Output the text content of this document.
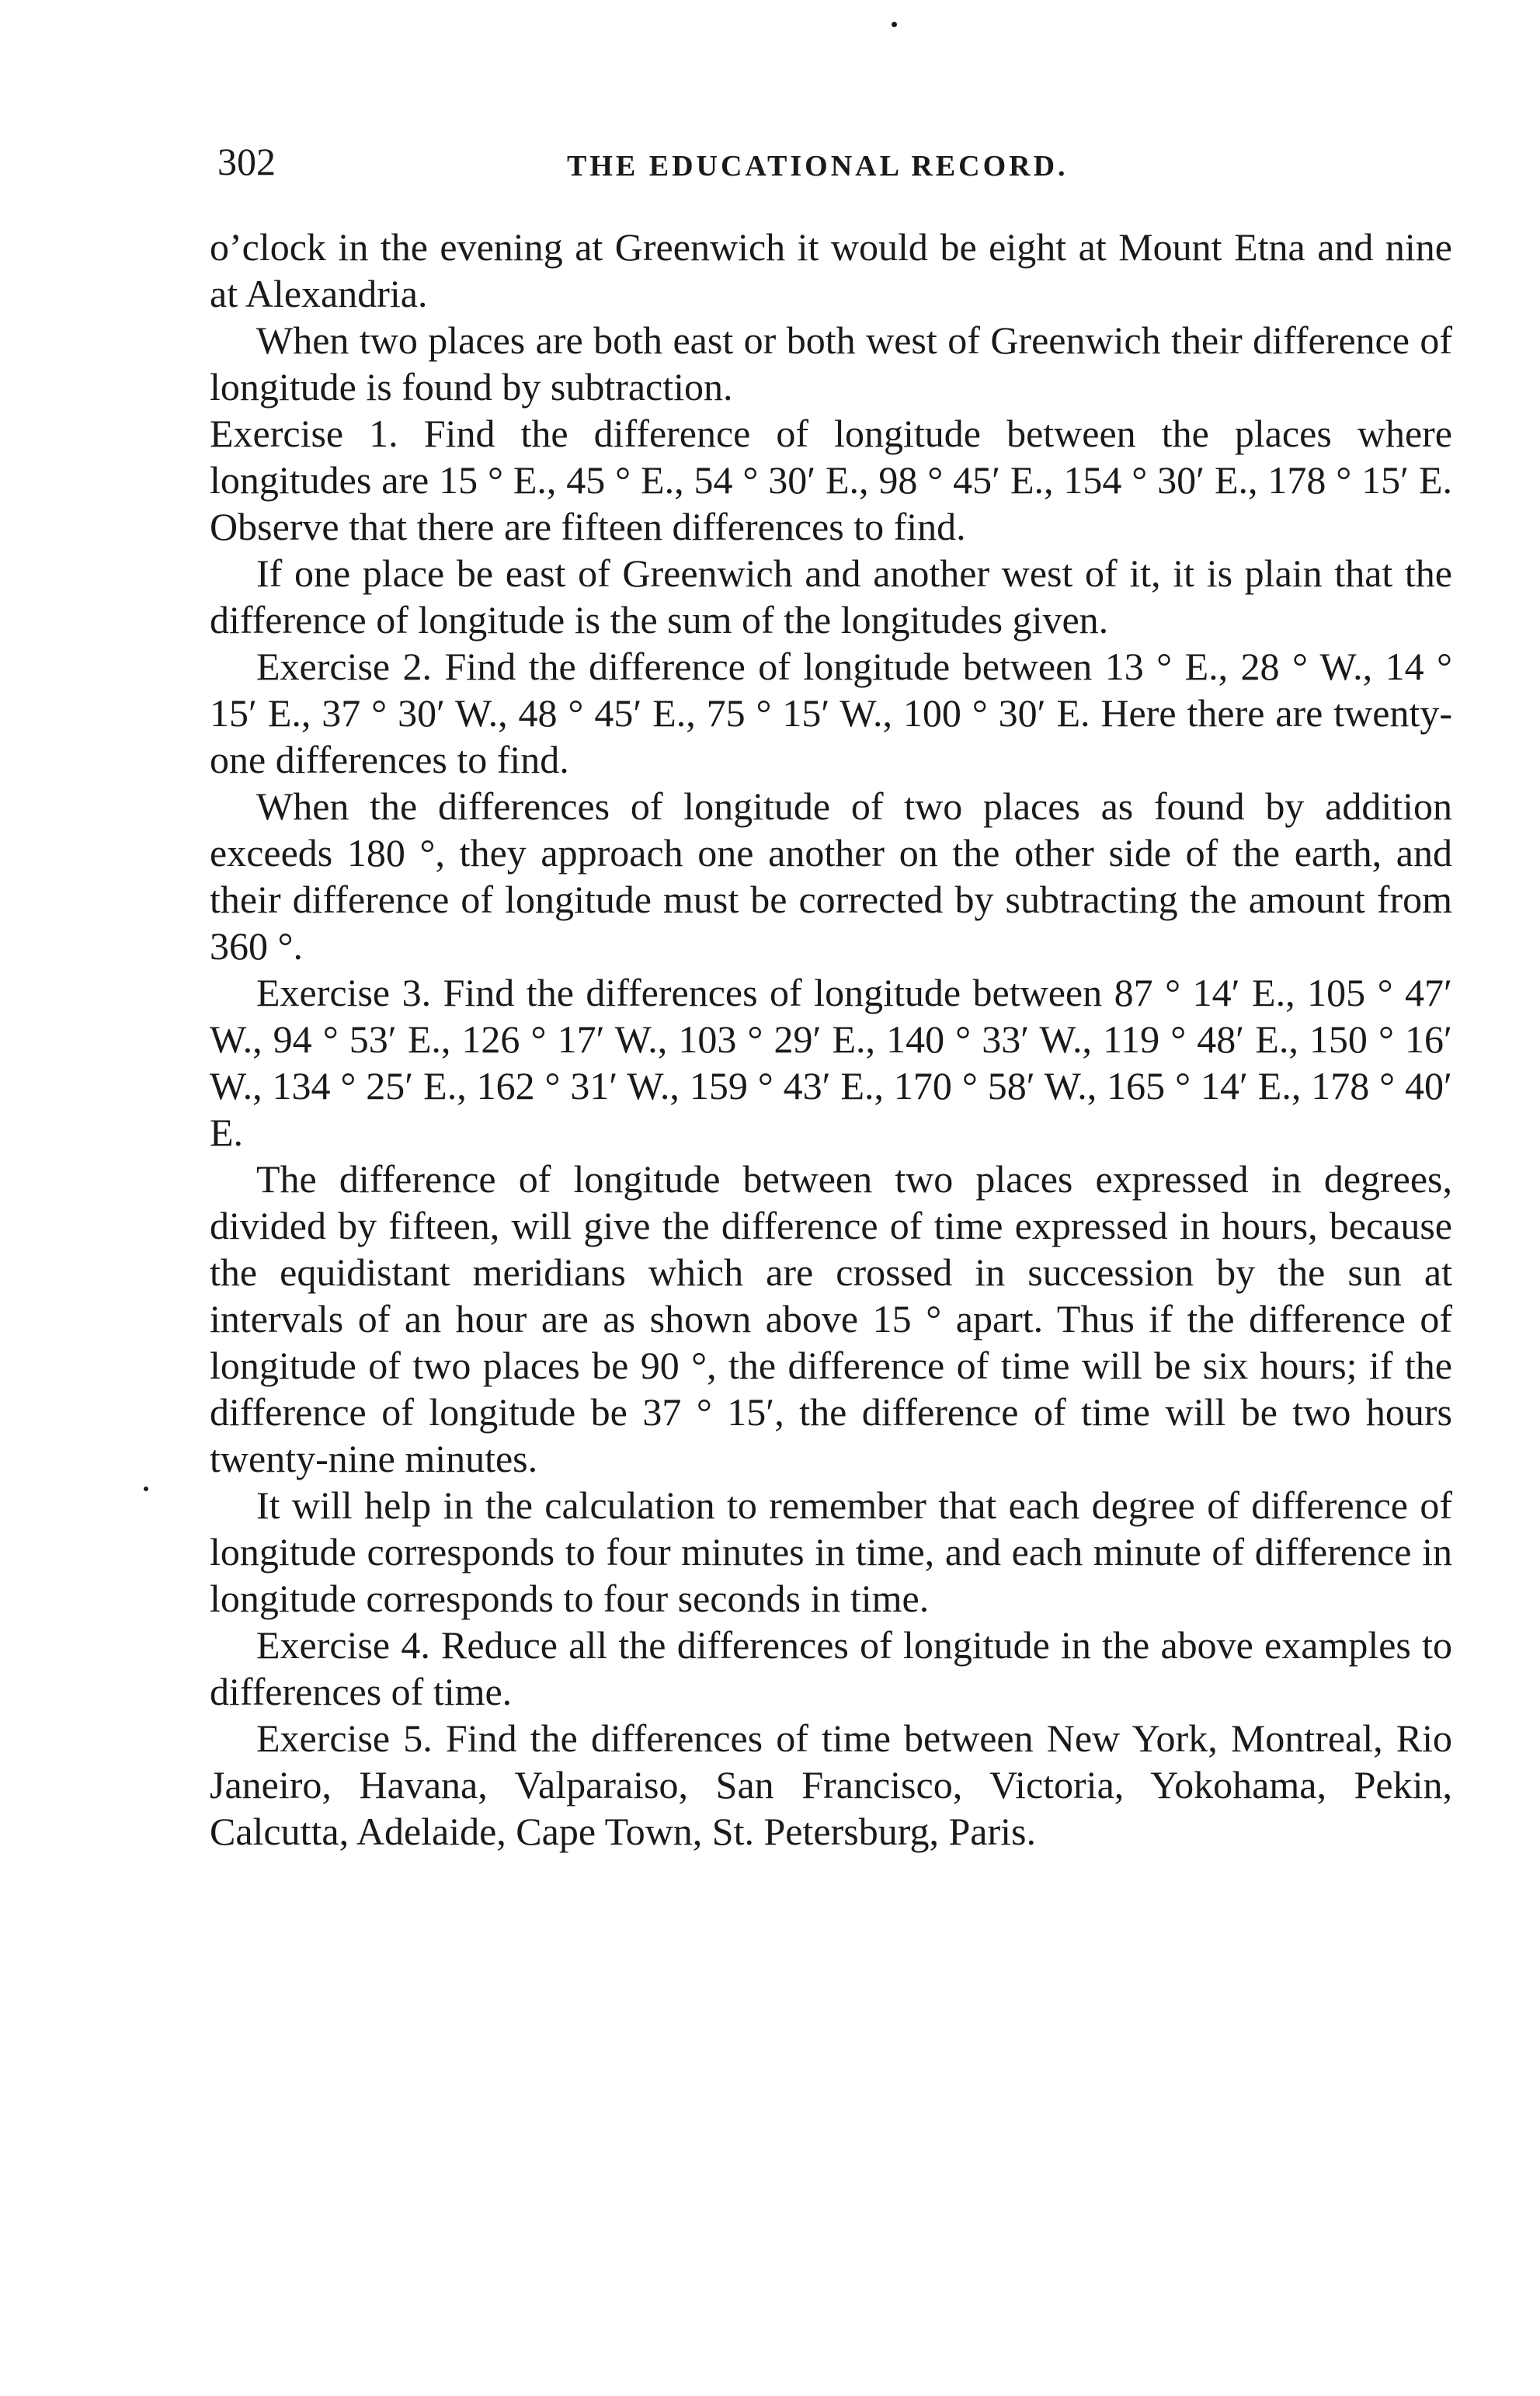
302	THE EDUCATIONAL RECORD.

o’clock in the evening at Greenwich it would be eight at Mount Etna and nine at Alexandria.

When two places are both east or both west of Greenwich their difference of longitude is found by subtraction.

Exercise 1. Find the difference of longitude between the places where longitudes are 15 ° E., 45 ° E., 54 ° 30′ E., 98 ° 45′ E., 154 ° 30′ E., 178 ° 15′ E. Observe that there are fifteen differences to find.

If one place be east of Greenwich and another west of it, it is plain that the difference of longitude is the sum of the longitudes given.

Exercise 2. Find the difference of longitude between 13 ° E., 28 ° W., 14 ° 15′ E., 37 ° 30′ W., 48 ° 45′ E., 75 ° 15′ W., 100 ° 30′ E. Here there are twenty-one differences to find.

When the differences of longitude of two places as found by addition exceeds 180 °, they approach one another on the other side of the earth, and their difference of longitude must be corrected by subtracting the amount from 360 °.

Exercise 3. Find the differences of longitude between 87 ° 14′ E., 105 ° 47′ W., 94 ° 53′ E., 126 ° 17′ W., 103 ° 29′ E., 140 ° 33′ W., 119 ° 48′ E., 150 ° 16′ W., 134 ° 25′ E., 162 ° 31′ W., 159 ° 43′ E., 170 ° 58′ W., 165 ° 14′ E., 178 ° 40′ E.

The difference of longitude between two places expressed in degrees, divided by fifteen, will give the difference of time expressed in hours, because the equidistant meridians which are crossed in succession by the sun at intervals of an hour are as shown above 15 ° apart. Thus if the difference of longitude of two places be 90 °, the difference of time will be six hours; if the difference of longitude be 37 ° 15′, the difference of time will be two hours twenty-nine minutes.

It will help in the calculation to remember that each degree of difference of longitude corresponds to four minutes in time, and each minute of difference in longitude corresponds to four seconds in time.

Exercise 4. Reduce all the differences of longitude in the above examples to differences of time.

Exercise 5. Find the differences of time between New York, Montreal, Rio Janeiro, Havana, Valparaiso, San Francisco, Victoria, Yokohama, Pekin, Calcutta, Adelaide, Cape Town, St. Petersburg, Paris.
